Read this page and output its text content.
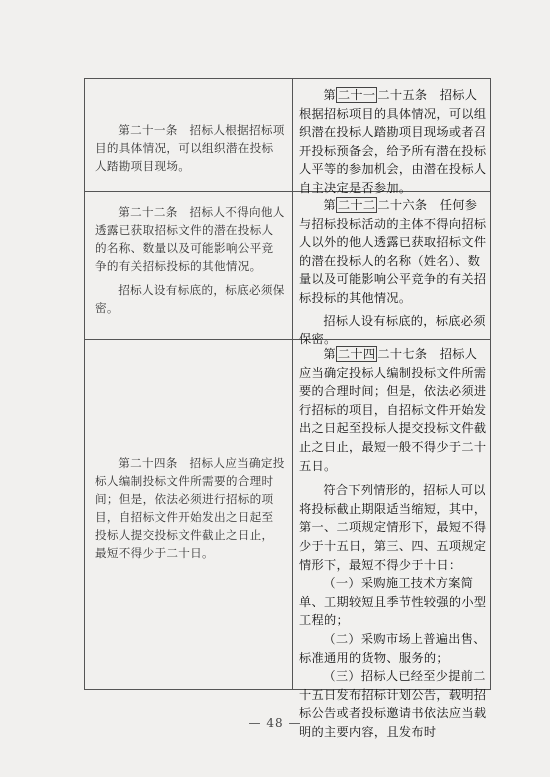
第二十一条　招标人根据招标项目的具体情况，可以组织潜在投标人踏勘项目现场。

第 二十一 二十五条　招标人根据招标项目的具体情况，可以组织潜在投标人踏勘项目现场或者召开投标预备会，给予所有潜在投标人平等的参加机会，由潜在投标人自主决定是否参加。

第二十二条　招标人不得向他人透露已获取招标文件的潜在投标人的名称、数量以及可能影响公平竞争的有关招标投标的其他情况。

招标人设有标底的，标底必须保密。

第 二十二 二十六条　任何参与招标投标活动的主体不得向招标人以外的他人透露已获取招标文件的潜在投标人的名称（姓名）、数量以及可能影响公平竞争的有关招标投标的其他情况。

招标人设有标底的，标底必须保密。

第二十四条　招标人应当确定投标人编制投标文件所需要的合理时间；但是，依法必须进行招标的项目，自招标文件开始发出之日起至投标人提交投标文件截止之日止，最短不得少于二十日。

第 二十四 二十七条　招标人应当确定投标人编制投标文件所需要的合理时间；但是，依法必须进行招标的项目，自招标文件开始发出之日起至投标人提交投标文件截止之日止，最短一般不得少于二十五日。

符合下列情形的，招标人可以将投标截止期限适当缩短，其中，第一、二项规定情形下，最短不得少于十五日，第三、四、五项规定情形下，最短不得少于十日：

（一）采购施工技术方案简单、工期较短且季节性较强的小型工程的；

（二）采购市场上普遍出售、标准通用的货物、服务的；

（三）招标人已经至少提前二十五日发布招标计划公告，载明招标公告或者投标邀请书依法应当载明的主要内容，且发布时

— 48 —
